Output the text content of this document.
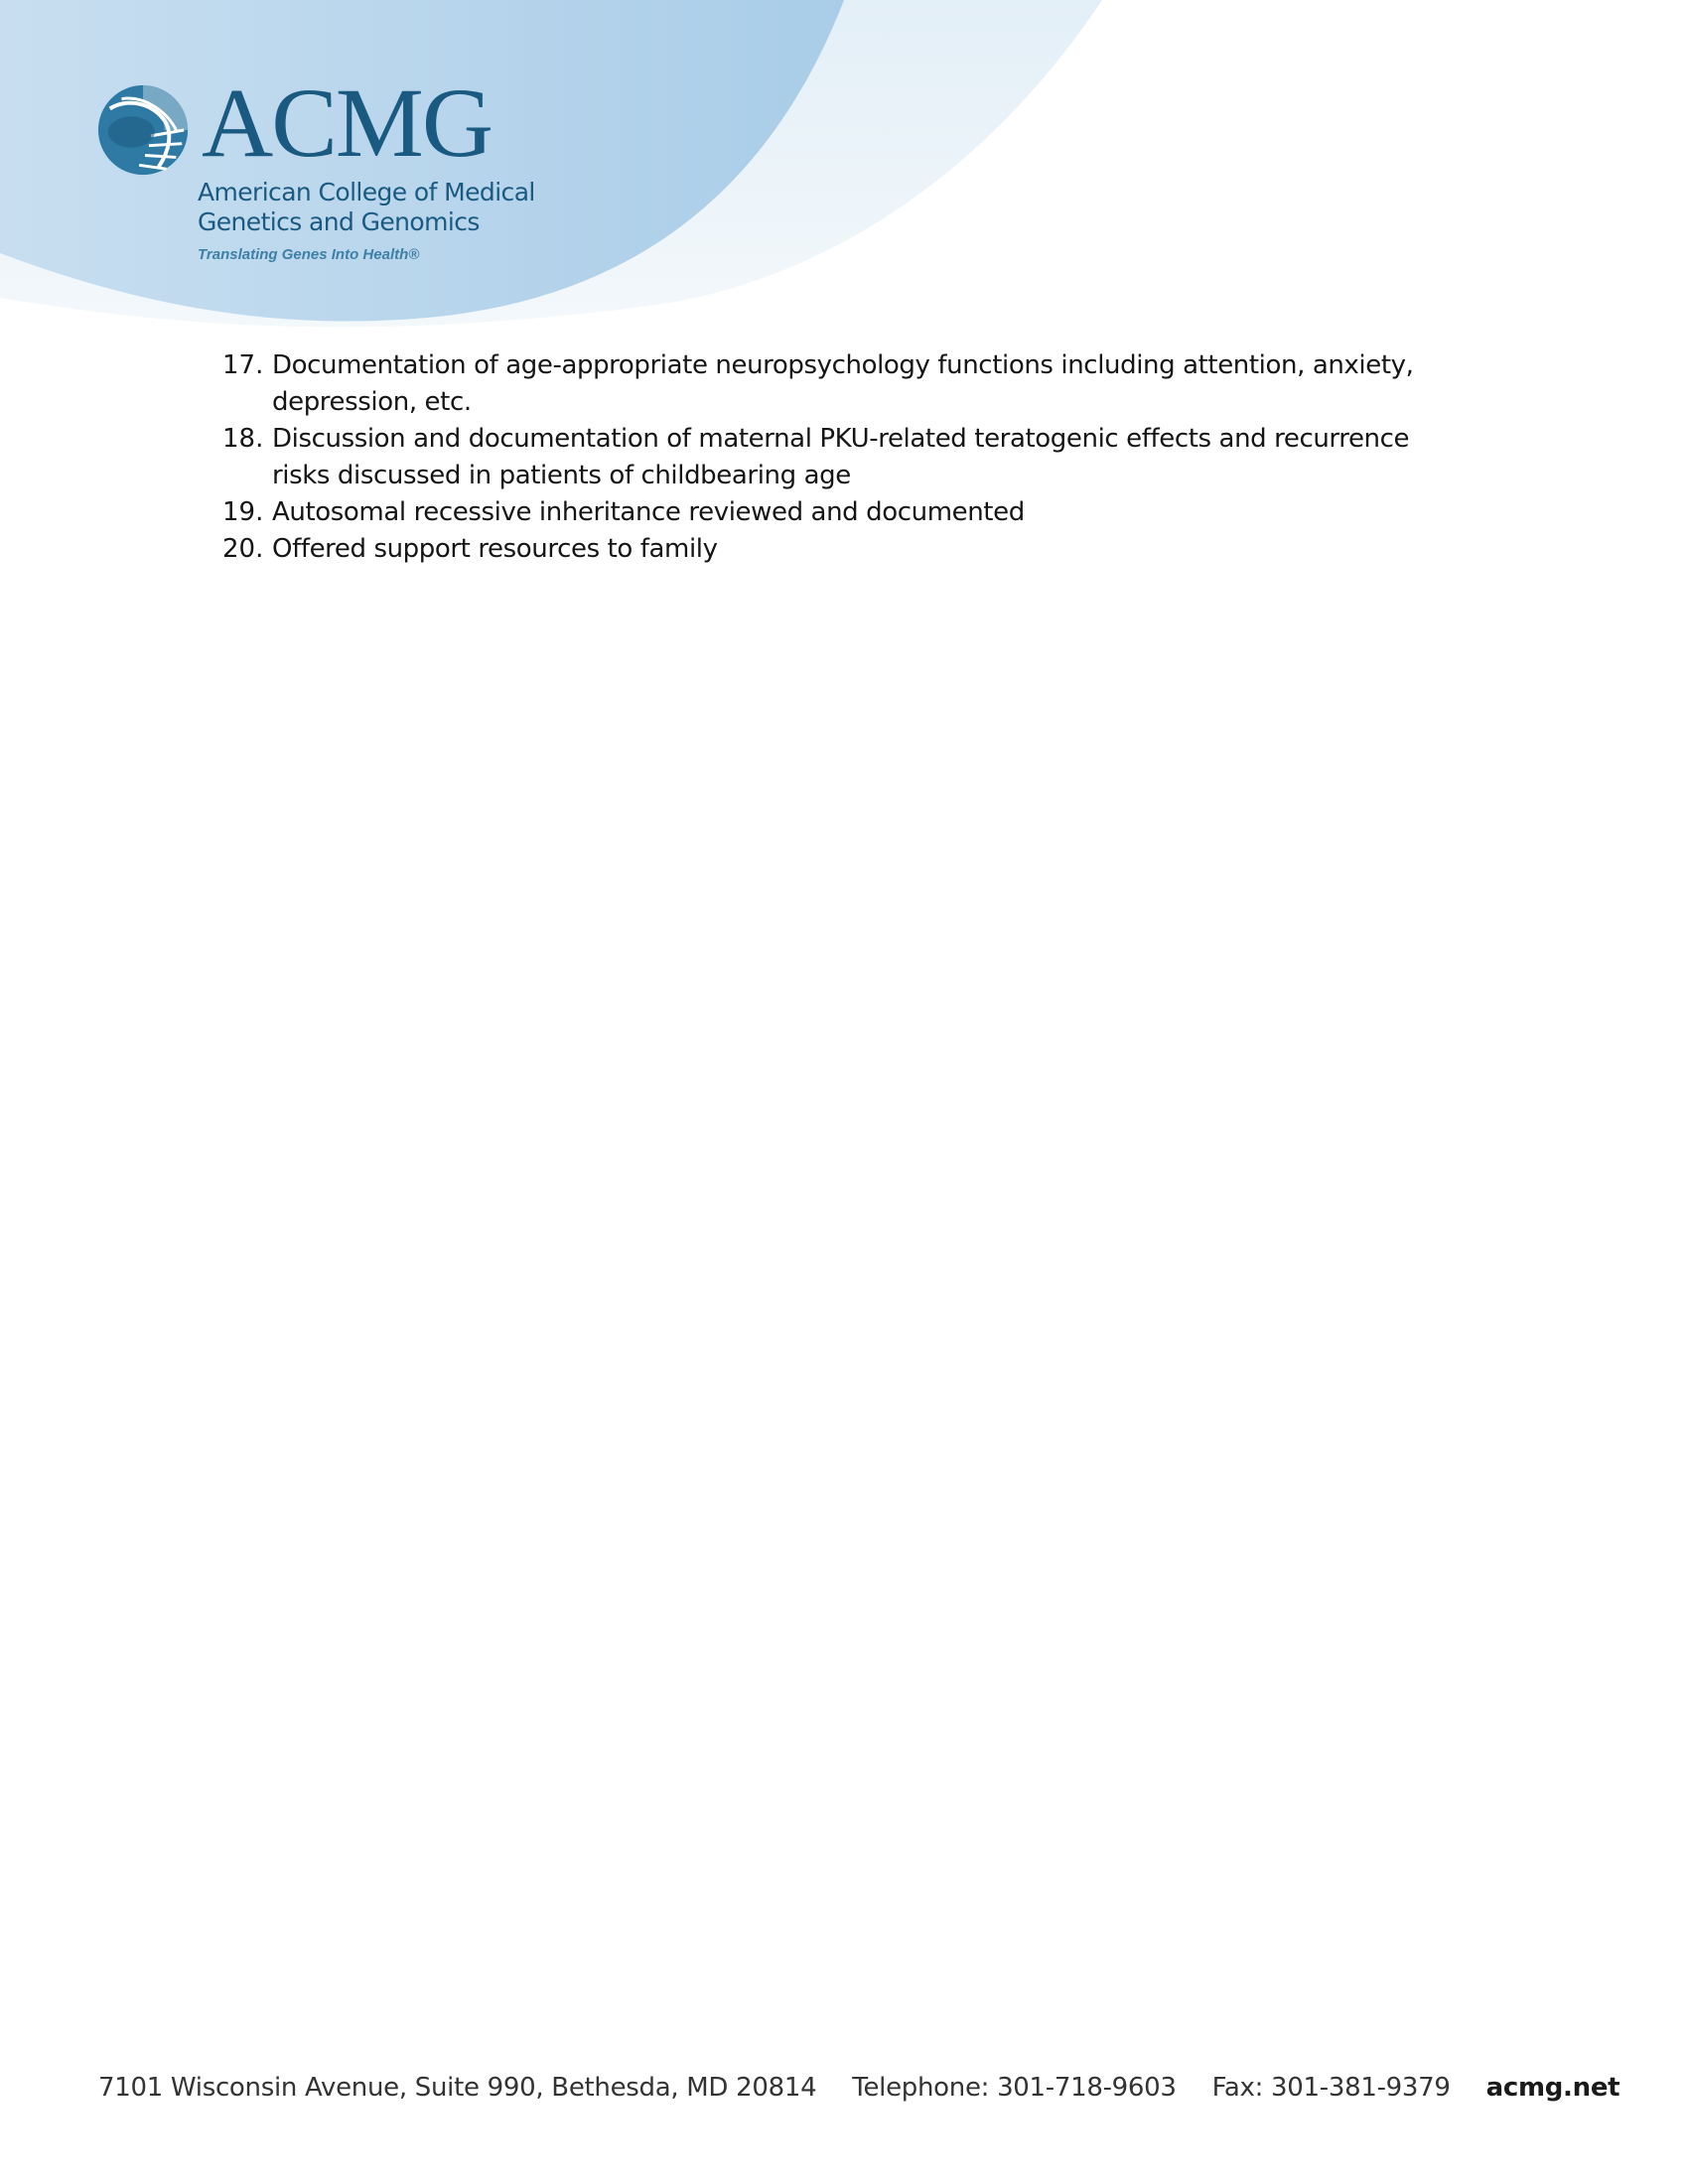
ACMG
American College of Medical
Genetics and Genomics
Translating Genes Into Health®
17. Documentation of age-appropriate neuropsychology functions including attention, anxiety, depression, etc.
18. Discussion and documentation of maternal PKU-related teratogenic effects and recurrence risks discussed in patients of childbearing age
19. Autosomal recessive inheritance reviewed and documented
20. Offered support resources to family
7101 Wisconsin Avenue, Suite 990, Bethesda, MD 20814 Telephone: 301-718-9603 Fax: 301-381-9379 acmg.net
